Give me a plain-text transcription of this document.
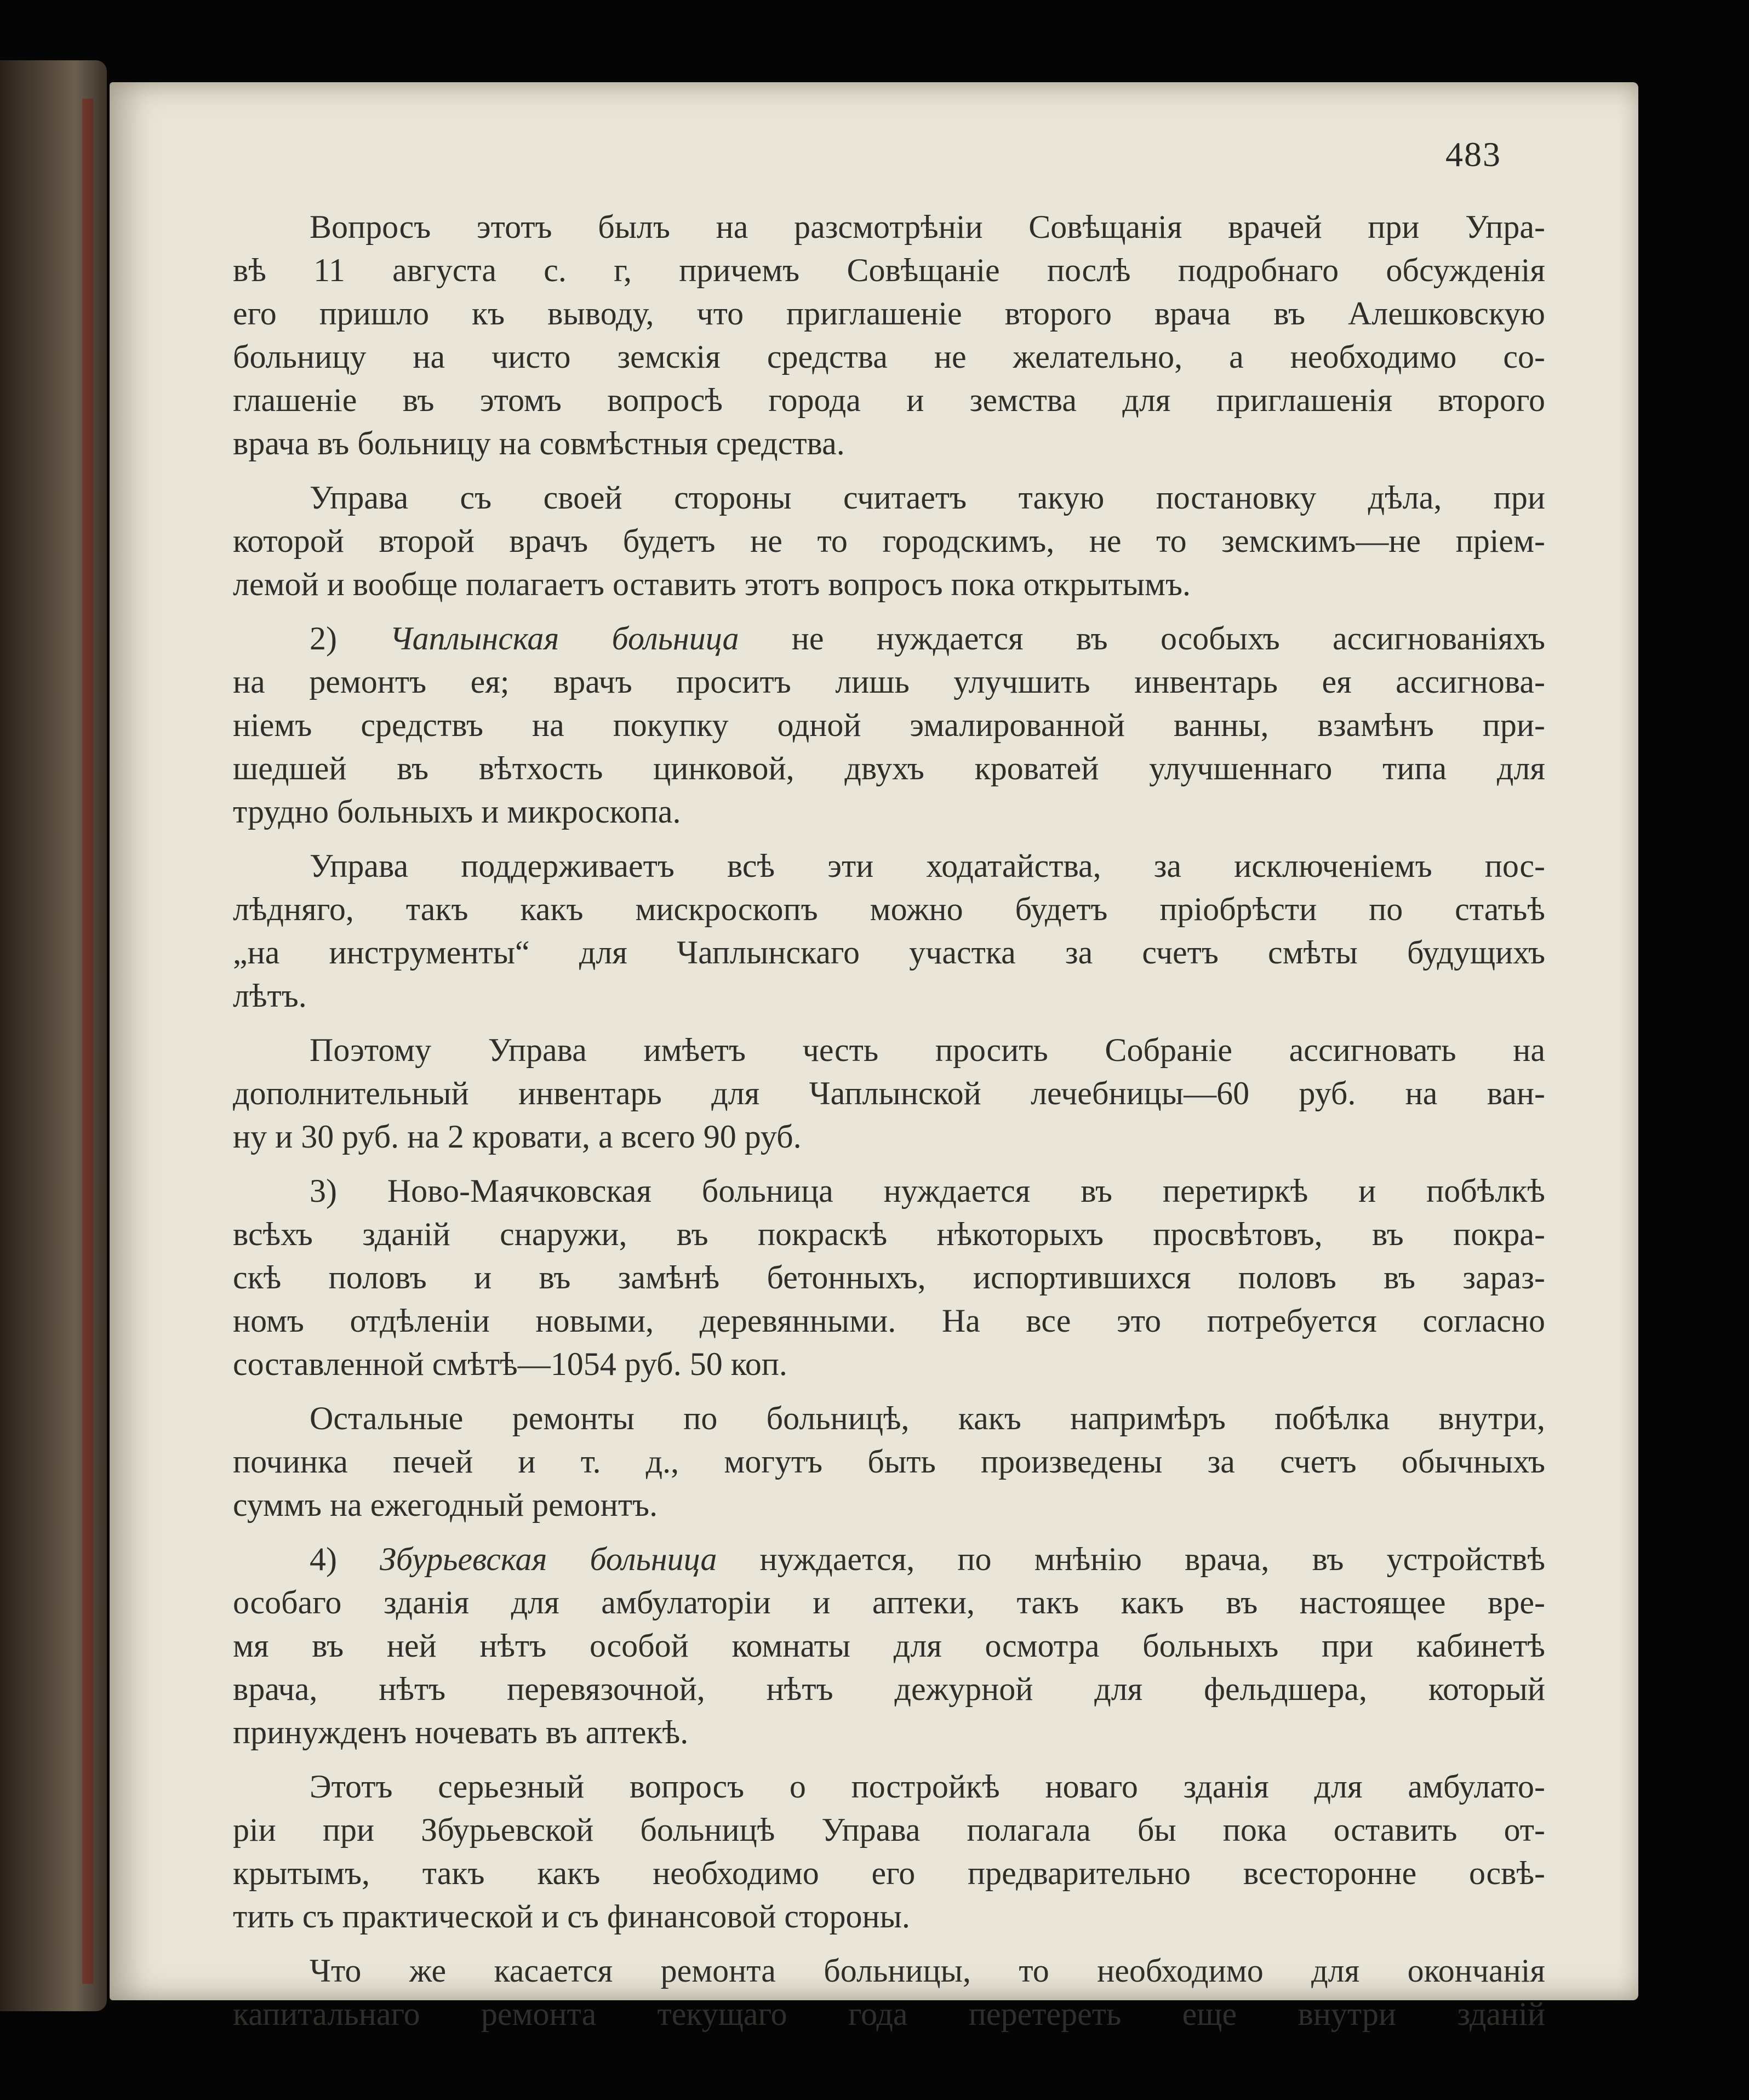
483
Вопросъ этотъ былъ на разсмотрѣніи Совѣщанія врачей при Упра-
вѣ 11 августа с. г, причемъ Совѣщаніе послѣ подробнаго обсужденія
его пришло къ выводу, что приглашеніе второго врача въ Алешковскую
больницу на чисто земскія средства не желательно, а необходимо со-
глашеніе въ этомъ вопросѣ города и земства для приглашенія второго
врача въ больницу на совмѣстныя средства.
Управа съ своей стороны считаетъ такую постановку дѣла, при
которой второй врачъ будетъ не то городскимъ, не то земскимъ—не пріем-
лемой и вообще полагаетъ оставить этотъ вопросъ пока открытымъ.
2) Чаплынская больница не нуждается въ особыхъ ассигнованіяхъ
на ремонтъ ея; врачъ проситъ лишь улучшить инвентарь ея ассигнова-
ніемъ средствъ на покупку одной эмалированной ванны, взамѣнъ при-
шедшей въ вѣтхость цинковой, двухъ кроватей улучшеннаго типа для
трудно больныхъ и микроскопа.
Управа поддерживаетъ всѣ эти ходатайства, за исключеніемъ пос-
лѣдняго, такъ какъ мискроскопъ можно будетъ пріобрѣсти по статьѣ
„на инструменты“ для Чаплынскаго участка за счетъ смѣты будущихъ
лѣтъ.
Поэтому Управа имѣетъ честь просить Собраніе ассигновать на
дополнительный инвентарь для Чаплынской лечебницы—60 руб. на ван-
ну и 30 руб. на 2 кровати, а всего 90 руб.
3) Ново-Маячковская больница нуждается въ перетиркѣ и побѣлкѣ
всѣхъ зданій снаружи, въ покраскѣ нѣкоторыхъ просвѣтовъ, въ покра-
скѣ половъ и въ замѣнѣ бетонныхъ, испортившихся половъ въ зараз-
номъ отдѣленіи новыми, деревянными. На все это потребуется согласно
составленной смѣтѣ—1054 руб. 50 коп.
Остальные ремонты по больницѣ, какъ напримѣръ побѣлка внутри,
починка печей и т. д., могутъ быть произведены за счетъ обычныхъ
суммъ на ежегодный ремонтъ.
4) Збурьевская больница нуждается, по мнѣнію врача, въ устройствѣ
особаго зданія для амбулаторіи и аптеки, такъ какъ въ настоящее вре-
мя въ ней нѣтъ особой комнаты для осмотра больныхъ при кабинетѣ
врача, нѣтъ перевязочной, нѣтъ дежурной для фельдшера, который
принужденъ ночевать въ аптекѣ.
Этотъ серьезный вопросъ о постройкѣ новаго зданія для амбулато-
ріи при Збурьевской больницѣ Управа полагала бы пока оставить от-
крытымъ, такъ какъ необходимо его предварительно всесторонне освѣ-
тить съ практической и съ финансовой стороны.
Что же касается ремонта больницы, то необходимо для окончанія
капитальнаго ремонта текущаго года перетереть еще внутри зданій
